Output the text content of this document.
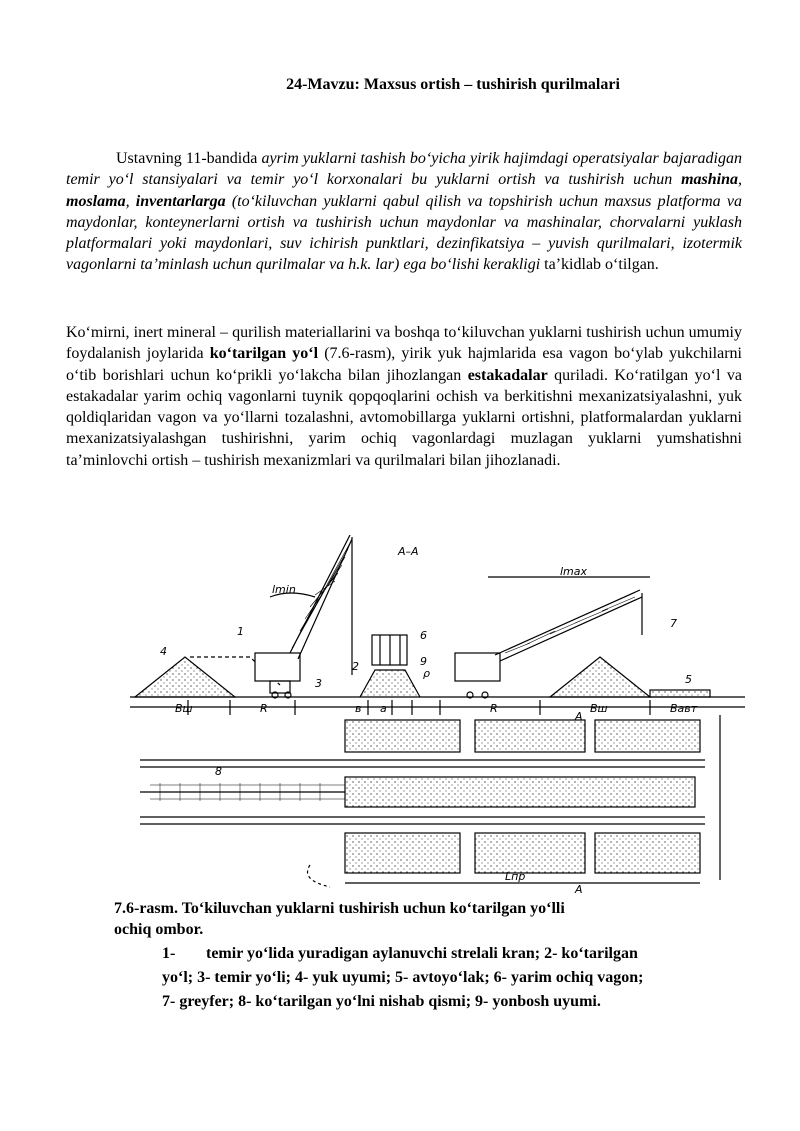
24-Mavzu: Maxsus ortish – tushirish qurilmalari

Ustavning 11-bandida ayrim yuklarni tashish bo‘yicha yirik hajimdagi operatsiyalar bajaradigan temir yo‘l stansiyalari va temir yo‘l korxonalari bu yuklarni ortish va tushirish uchun mashina, moslama, inventarlarga (to‘kiluvchan yuklarni qabul qilish va topshirish uchun maxsus platforma va maydonlar, konteynerlarni ortish va tushirish uchun maydonlar va mashinalar, chorvalarni yuklash platformalari yoki maydonlari, suv ichirish punktlari, dezinfikatsiya – yuvish qurilmalari, izotermik vagonlarni ta’minlash uchun qurilmalar va h.k. lar) ega bo‘lishi kerakligi ta’kidlab o‘tilgan.

Ko‘mirni, inert mineral – qurilish materiallarini va boshqa to‘kiluvchan yuklarni tushirish uchun umumiy foydalanish joylarida ko‘tarilgan yo‘l (7.6-rasm), yirik yuk hajmlarida esa vagon bo‘ylab yukchilarni o‘tib borishlari uchun ko‘prikli yo‘lakcha bilan jihozlangan estakadalar quriladi. Ko‘ratilgan yo‘l va estakadalar yarim ochiq vagonlarni tuynik qopqoqlarini ochish va berkitishni mexanizatsiyalashni, yuk qoldiqlaridan vagon va yo‘llarni tozalashni, avtomobillarga yuklarni ortishni, platformalardan yuklarni mexanizatsiyalashgan tushirishni, yarim ochiq vagonlardagi muzlagan yuklarni yumshatishni ta’minlovchi ortish – tushirish mexanizmlari va qurilmalari bilan jihozlanadi.

A–A
lmin
lmax
Bш	R	в a	R	Bш	Bавт
Lпр
A
A
ρ
1
2
3
4
5
6
7
8
9
7.6-rasm. To‘kiluvchan yuklarni tushirish uchun ko‘tarilgan yo‘lli
ochiq ombor.
1- temir yo‘lida yuradigan aylanuvchi strelali kran; 2- ko‘tarilgan
yo‘l; 3- temir yo‘li; 4- yuk uyumi; 5- avtoyo‘lak; 6- yarim ochiq vagon;
7- greyfer; 8- ko‘tarilgan yo‘lni nishab qismi; 9- yonbosh uyumi.
